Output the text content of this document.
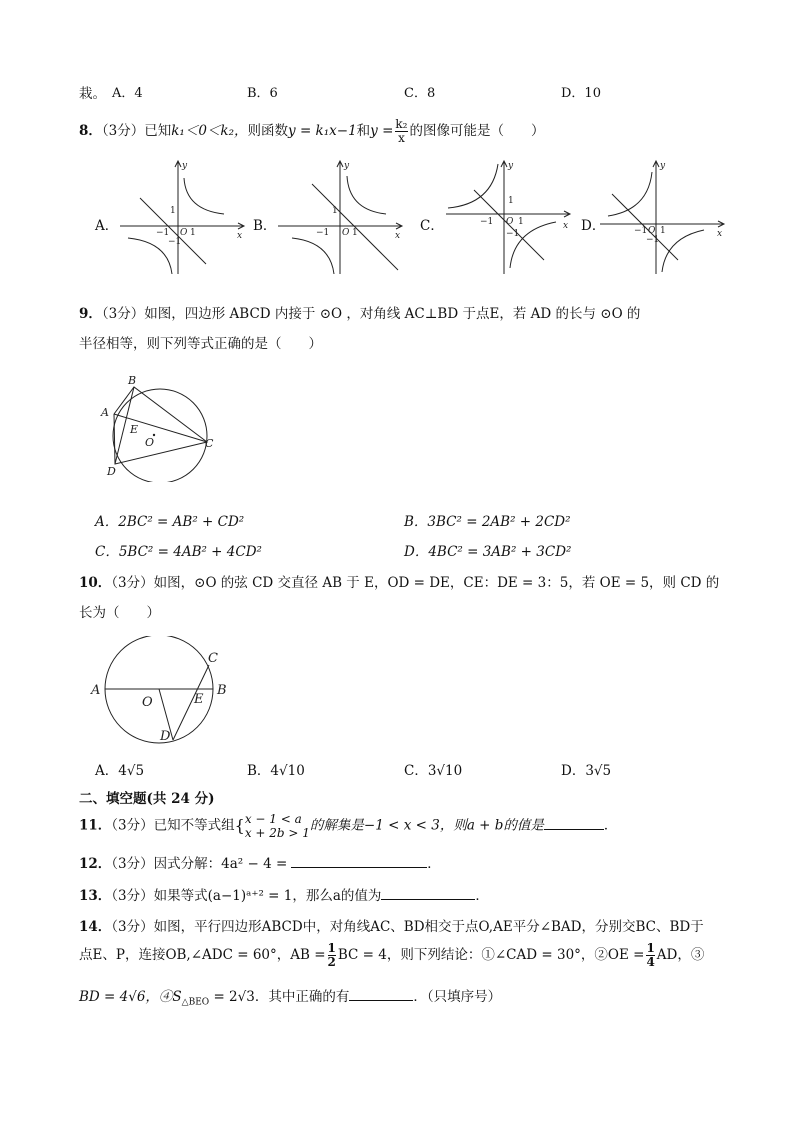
栽。 A．4	B．6	C．8	D．10
8．（3分）已知k₁＜0＜k₂，则函数y = k₁x−1和$y = \frac{\text{k₂}}{x}$ 的图像可能是（　　）
A．	B．	C．	D．
x
y
O
1
1
−1
−1
x
y
O
1
1
−1
x
y
O
1
1
−1
−1	x
y
O 1
−1
−1
9．（3分）如图，四边形 ABCD 内接于 ⊙O ，对角线 AC⊥BD 于点E，若 AD 的长与 ⊙O 的
半径相等，则下列等式正确的是（　　）
B
A
E
O	C
D
A．2BC² = AB² + CD²	B．3BC² = 2AB² + 2CD²
C．5BC² = 4AB² + 4CD²	D．4BC² = 3AB² + 3CD²
10．（3分）如图，⊙O 的弦 CD 交直径 AB 于 E，OD = DE，CE：DE = 3：5，若 OE = 5，则 CD 的
长为（　　）
A	B
C
O	E
D
A．4√5	B．4√10	C．3√10	D．3√5
二、填空题(共 24 分)
11．（3分）已知不等式组{ x − 1 < a
x + 2b > 1 的解集是−1 < x < 3，则a + b的值是	．
12．（3分）因式分解：4a² − 4 =	．
13．（3分）如果等式(a−1)ᵃ⁺² = 1，那么a的值为	．
14．（3分）如图，平行四边形ABCD中，对角线AC、BD相交于点O,AE平分∠BAD，分别交BC、BD于
点E、P，连接OB,∠ADC = 60°，AB = $\frac{1}{2}$ BC = 4，则下列结论：①∠CAD = 30°，②OE = $\frac{1}{4}$ AD，③
BD = 4√6，$④S_{\triangle BEO} = 2√3$．其中正确的有	．（只填序号）
